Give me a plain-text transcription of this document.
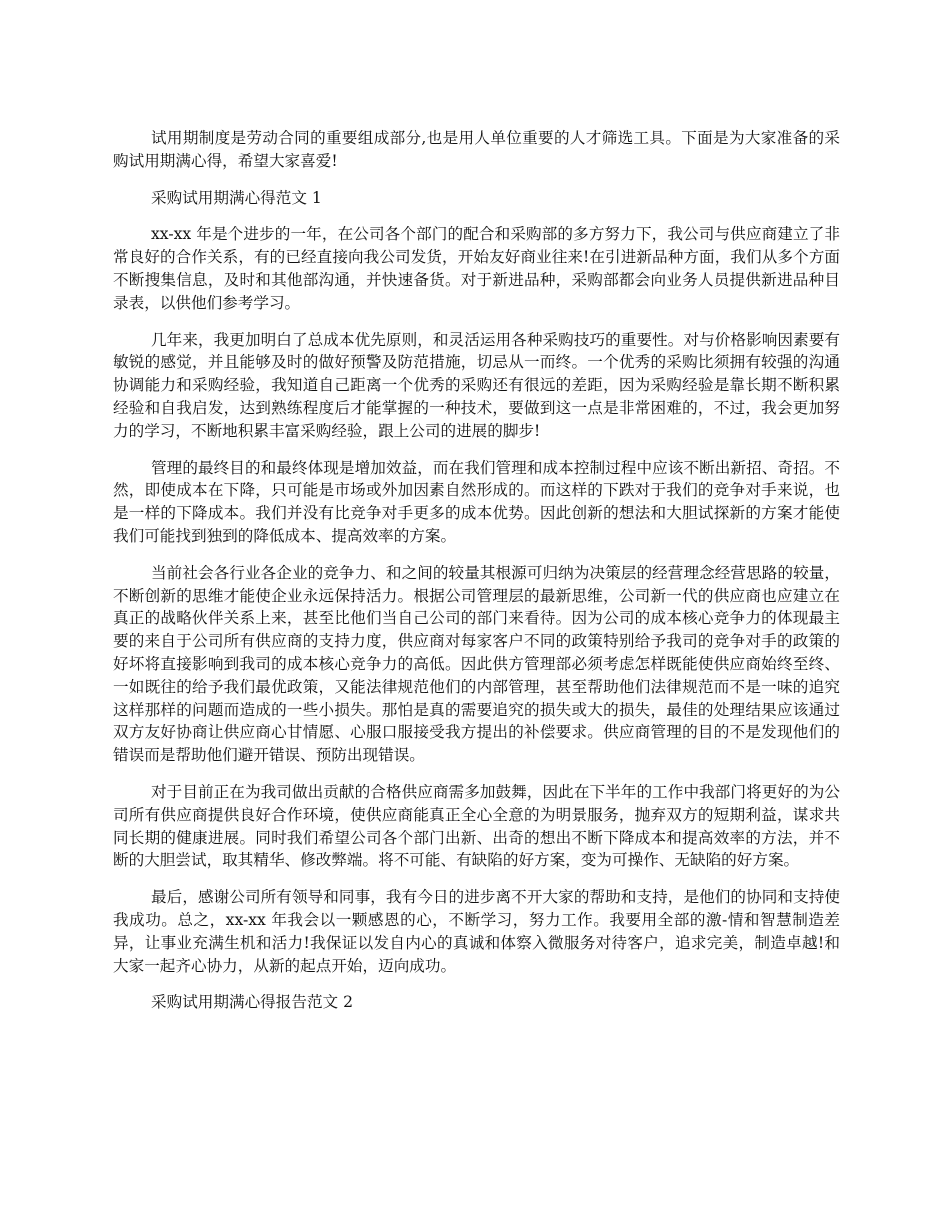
试用期制度是劳动合同的重要组成部分,也是用人单位重要的人才筛选工具。下面是为大家准备的采购试用期满心得，希望大家喜爱!

采购试用期满心得范文 1

xx-xx 年是个进步的一年，在公司各个部门的配合和采购部的多方努力下，我公司与供应商建立了非常良好的合作关系，有的已经直接向我公司发货，开始友好商业往来!在引进新品种方面，我们从多个方面不断搜集信息，及时和其他部沟通，并快速备货。对于新进品种，采购部都会向业务人员提供新进品种目录表，以供他们参考学习。

几年来，我更加明白了总成本优先原则，和灵活运用各种采购技巧的重要性。对与价格影响因素要有敏锐的感觉，并且能够及时的做好预警及防范措施，切忌从一而终。一个优秀的采购比须拥有较强的沟通协调能力和采购经验，我知道自己距离一个优秀的采购还有很远的差距，因为采购经验是靠长期不断积累经验和自我启发，达到熟练程度后才能掌握的一种技术，要做到这一点是非常困难的，不过，我会更加努力的学习，不断地积累丰富采购经验，跟上公司的进展的脚步!

管理的最终目的和最终体现是增加效益，而在我们管理和成本控制过程中应该不断出新招、奇招。不然，即使成本在下降，只可能是市场或外加因素自然形成的。而这样的下跌对于我们的竞争对手来说，也是一样的下降成本。我们并没有比竞争对手更多的成本优势。因此创新的想法和大胆试探新的方案才能使我们可能找到独到的降低成本、提高效率的方案。

当前社会各行业各企业的竞争力、和之间的较量其根源可归纳为决策层的经营理念经营思路的较量，不断创新的思维才能使企业永远保持活力。根据公司管理层的最新思维，公司新一代的供应商也应建立在真正的战略伙伴关系上来，甚至比他们当自己公司的部门来看待。因为公司的成本核心竞争力的体现最主要的来自于公司所有供应商的支持力度，供应商对每家客户不同的政策特别给予我司的竞争对手的政策的好坏将直接影响到我司的成本核心竞争力的高低。因此供方管理部必须考虑怎样既能使供应商始终至终、一如既往的给予我们最优政策，又能法律规范他们的内部管理，甚至帮助他们法律规范而不是一味的追究这样那样的问题而造成的一些小损失。那怕是真的需要追究的损失或大的损失，最佳的处理结果应该通过双方友好协商让供应商心甘情愿、心服口服接受我方提出的补偿要求。供应商管理的目的不是发现他们的错误而是帮助他们避开错误、预防出现错误。

对于目前正在为我司做出贡献的合格供应商需多加鼓舞，因此在下半年的工作中我部门将更好的为公司所有供应商提供良好合作环境，使供应商能真正全心全意的为明景服务，抛弃双方的短期利益，谋求共同长期的健康进展。同时我们希望公司各个部门出新、出奇的想出不断下降成本和提高效率的方法，并不断的大胆尝试，取其精华、修改弊端。将不可能、有缺陷的好方案，变为可操作、无缺陷的好方案。

最后，感谢公司所有领导和同事，我有今日的进步离不开大家的帮助和支持，是他们的协同和支持使我成功。总之，xx-xx 年我会以一颗感恩的心，不断学习，努力工作。我要用全部的激-情和智慧制造差异，让事业充满生机和活力!我保证以发自内心的真诚和体察入微服务对待客户，追求完美，制造卓越!和大家一起齐心协力，从新的起点开始，迈向成功。

采购试用期满心得报告范文 2
